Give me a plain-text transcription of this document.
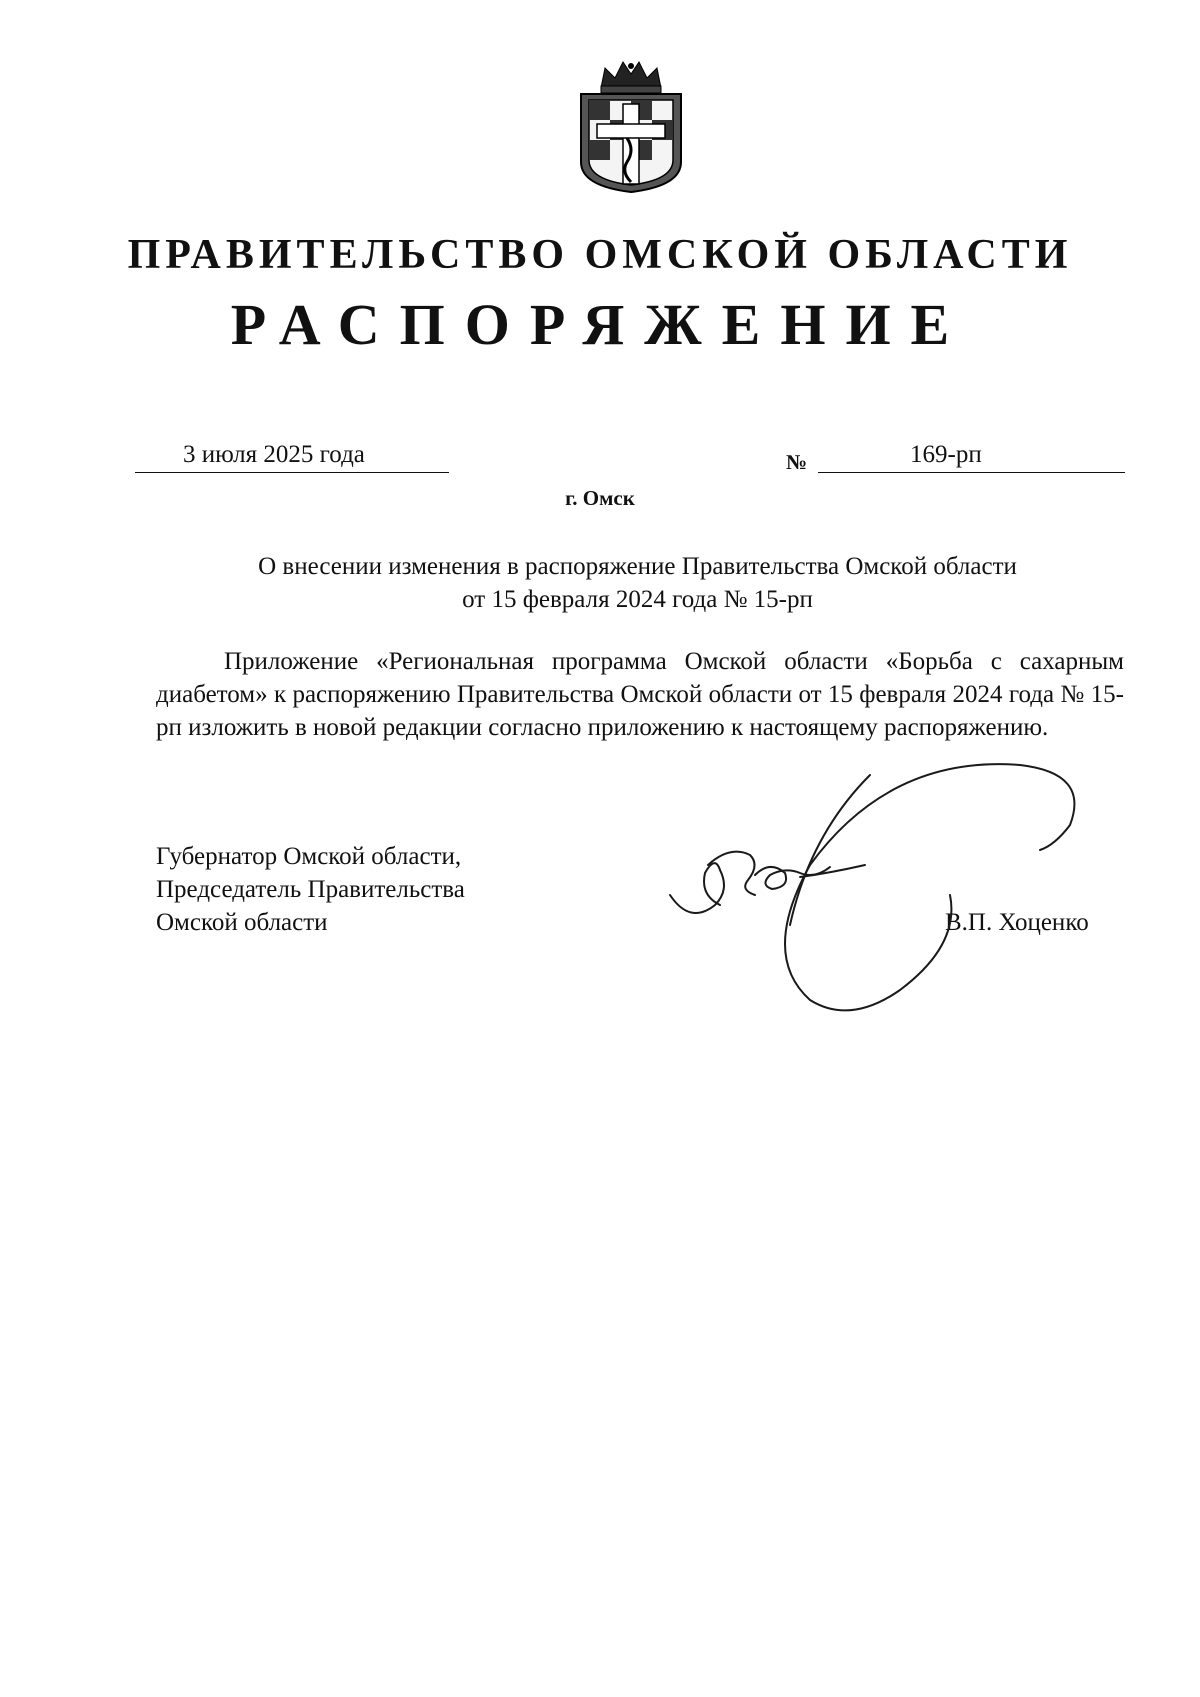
ПРАВИТЕЛЬСТВО ОМСКОЙ ОБЛАСТИ
РАСПОРЯЖЕНИЕ
3 июля 2025 года	№	169-рп
г. Омск
О внесении изменения в распоряжение Правительства Омской области
от 15 февраля 2024 года № 15-рп
Приложение «Региональная программа Омской области «Борьба с сахарным диабетом» к распоряжению Правительства Омской области от 15 февраля 2024 года № 15-рп изложить в новой редакции согласно приложению к настоящему распоряжению.
Губернатор Омской области,
Председатель Правительства
Омской области	В.П. Хоценко
